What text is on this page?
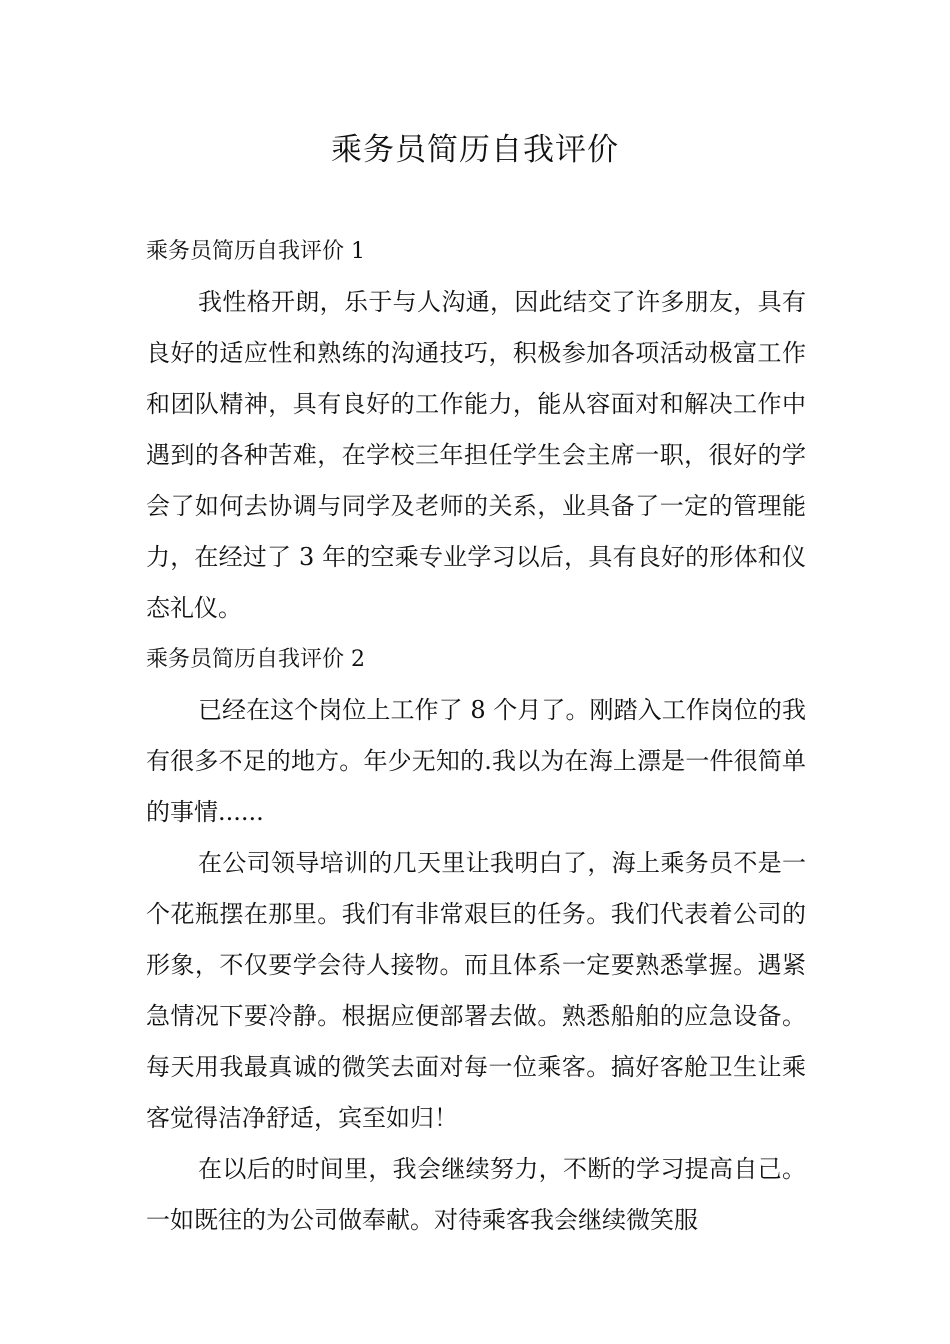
乘务员简历自我评价
乘务员简历自我评价 1

我性格开朗，乐于与人沟通，因此结交了许多朋友，具有良好的适应性和熟练的沟通技巧，积极参加各项活动极富工作和团队精神，具有良好的工作能力，能从容面对和解决工作中遇到的各种苦难，在学校三年担任学生会主席一职，很好的学会了如何去协调与同学及老师的关系，业具备了一定的管理能力，在经过了 3 年的空乘专业学习以后，具有良好的形体和仪态礼仪。

乘务员简历自我评价 2

已经在这个岗位上工作了 8 个月了。刚踏入工作岗位的我有很多不足的地方。年少无知的.我以为在海上漂是一件很简单的事情......

在公司领导培训的几天里让我明白了，海上乘务员不是一个花瓶摆在那里。我们有非常艰巨的任务。我们代表着公司的形象，不仅要学会待人接物。而且体系一定要熟悉掌握。遇紧急情况下要冷静。根据应便部署去做。熟悉船舶的应急设备。每天用我最真诚的微笑去面对每一位乘客。搞好客舱卫生让乘客觉得洁净舒适，宾至如归！

在以后的时间里，我会继续努力，不断的学习提高自己。一如既往的为公司做奉献。对待乘客我会继续微笑服
